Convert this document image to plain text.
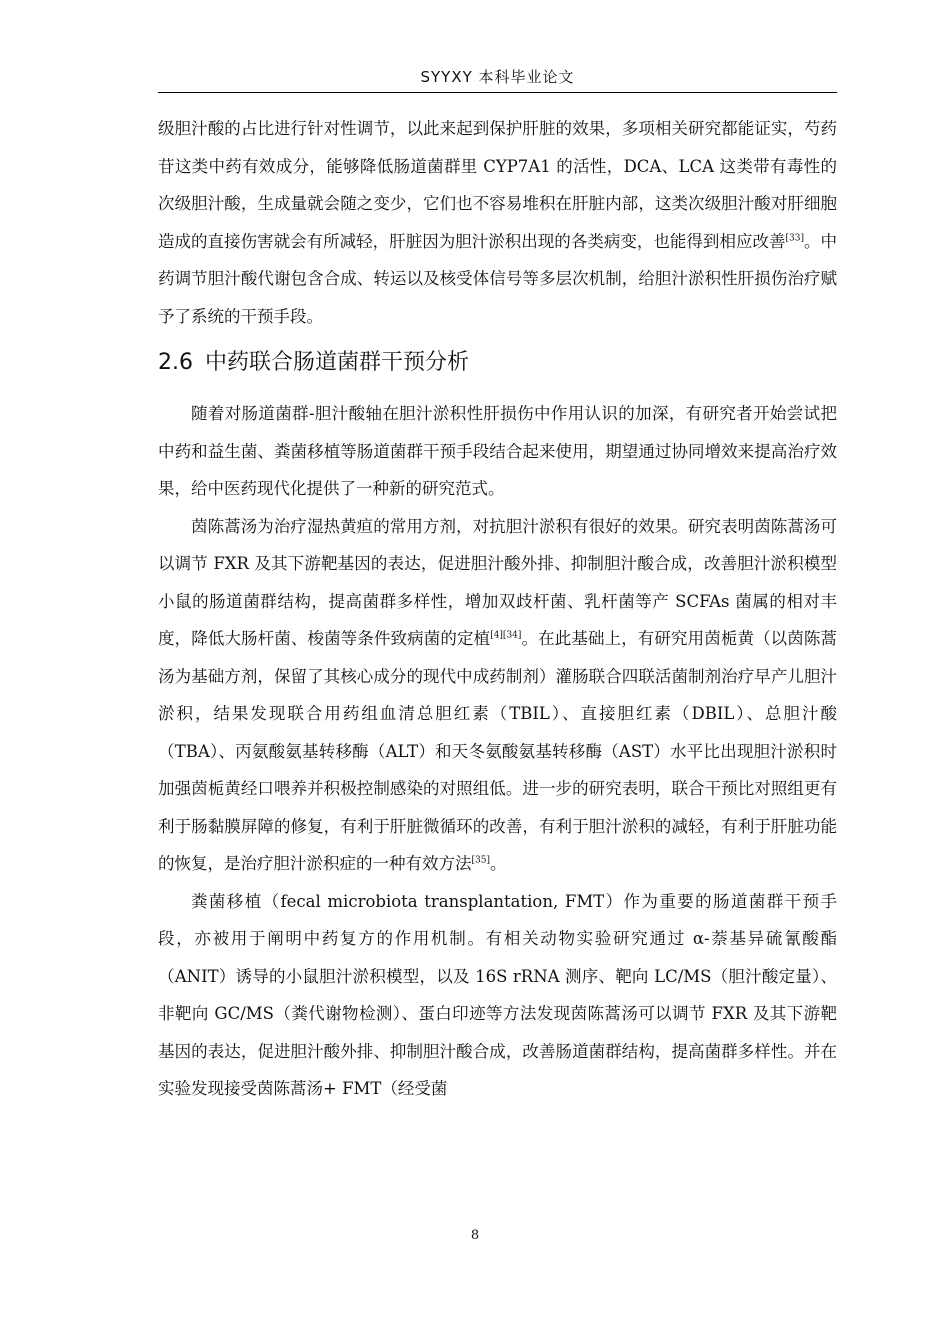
SYYXY 本科毕业论文

级胆汁酸的占比进行针对性调节，以此来起到保护肝脏的效果，多项相关研究都能证实，芍药苷这类中药有效成分，能够降低肠道菌群里 CYP7A1 的活性，DCA、LCA 这类带有毒性的次级胆汁酸，生成量就会随之变少，它们也不容易堆积在肝脏内部，这类次级胆汁酸对肝细胞造成的直接伤害就会有所减轻，肝脏因为胆汁淤积出现的各类病变，也能得到相应改善[33]。中药调节胆汁酸代谢包含合成、转运以及核受体信号等多层次机制，给胆汁淤积性肝损伤治疗赋予了系统的干预手段。

2.6 中药联合肠道菌群干预分析

随着对肠道菌群-胆汁酸轴在胆汁淤积性肝损伤中作用认识的加深，有研究者开始尝试把中药和益生菌、粪菌移植等肠道菌群干预手段结合起来使用，期望通过协同增效来提高治疗效果，给中医药现代化提供了一种新的研究范式。

茵陈蒿汤为治疗湿热黄疸的常用方剂，对抗胆汁淤积有很好的效果。研究表明茵陈蒿汤可以调节 FXR 及其下游靶基因的表达，促进胆汁酸外排、抑制胆汁酸合成，改善胆汁淤积模型小鼠的肠道菌群结构，提高菌群多样性，增加双歧杆菌、乳杆菌等产 SCFAs 菌属的相对丰度，降低大肠杆菌、梭菌等条件致病菌的定植[4][34]。在此基础上，有研究用茵栀黄（以茵陈蒿汤为基础方剂，保留了其核心成分的现代中成药制剂）灌肠联合四联活菌制剂治疗早产儿胆汁淤积，结果发现联合用药组血清总胆红素（TBIL）、直接胆红素（DBIL）、总胆汁酸（TBA）、丙氨酸氨基转移酶（ALT）和天冬氨酸氨基转移酶（AST）水平比出现胆汁淤积时加强茵栀黄经口喂养并积极控制感染的对照组低。进一步的研究表明，联合干预比对照组更有利于肠黏膜屏障的修复，有利于肝脏微循环的改善，有利于胆汁淤积的减轻，有利于肝脏功能的恢复，是治疗胆汁淤积症的一种有效方法[35]。

粪菌移植（fecal microbiota transplantation, FMT）作为重要的肠道菌群干预手段，亦被用于阐明中药复方的作用机制。有相关动物实验研究通过 α-萘基异硫氰酸酯（ANIT）诱导的小鼠胆汁淤积模型，以及 16S rRNA 测序、靶向 LC/MS（胆汁酸定量）、非靶向 GC/MS（粪代谢物检测）、蛋白印迹等方法发现茵陈蒿汤可以调节 FXR 及其下游靶基因的表达，促进胆汁酸外排、抑制胆汁酸合成，改善肠道菌群结构，提高菌群多样性。并在实验发现接受茵陈蒿汤+ FMT（经受菌

8
